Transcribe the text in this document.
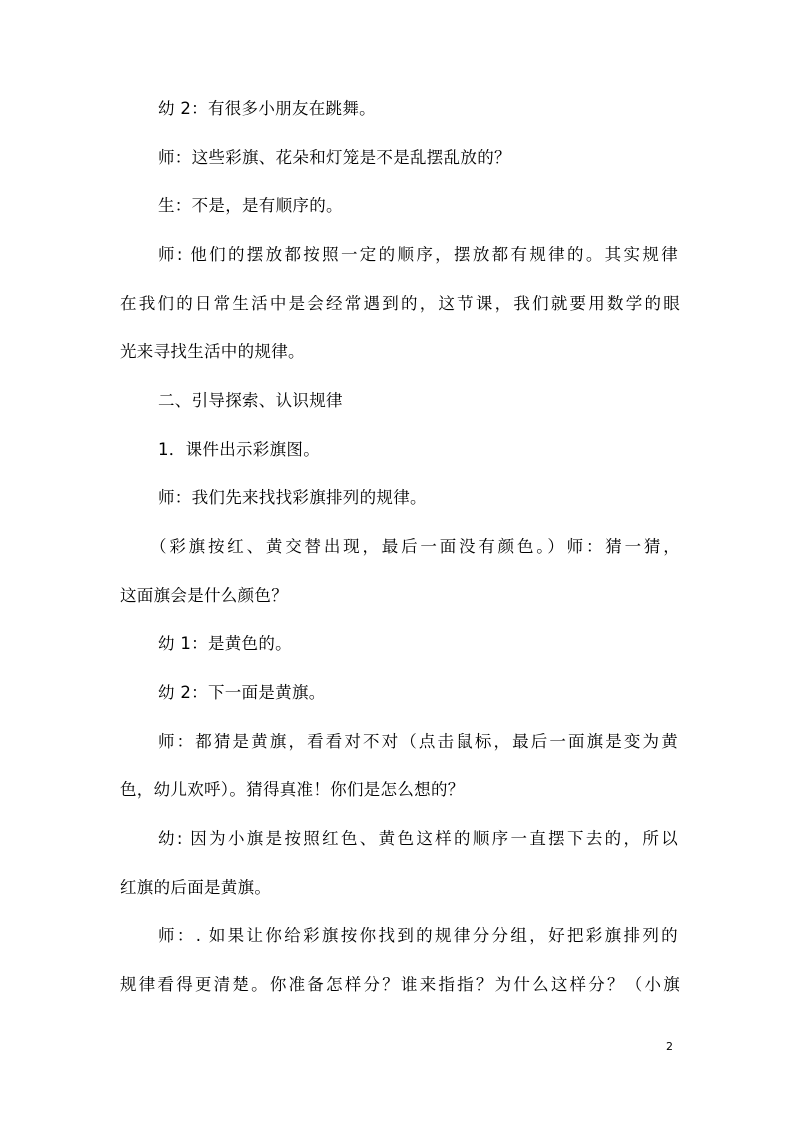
幼 2：有很多小朋友在跳舞。
师：这些彩旗、花朵和灯笼是不是乱摆乱放的？
生：不是，是有顺序的。
师: 他们的摆放都按照一定的顺序，摆放都有规律的。其实规律
在我们的日常生活中是会经常遇到的，这节课，我们就要用数学的眼
光来寻找生活中的规律。
二、引导探索、认识规律
1．课件出示彩旗图。
师：我们先来找找彩旗排列的规律。
（彩旗按红、黄交替出现，最后一面没有颜色。）师：猜一猜，
这面旗会是什么颜色？
幼 1：是黄色的。
幼 2：下一面是黄旗。
师：都猜是黄旗，看看对不对（点击鼠标，最后一面旗是变为黄
色，幼儿欢呼）。猜得真准！你们是怎么想的？
幼: 因为小旗是按照红色、黄色这样的顺序一直摆下去的，所以
红旗的后面是黄旗。
师：. 如果让你给彩旗按你找到的规律分分组，好把彩旗排列的
规律看得更清楚。你准备怎样分？谁来指指？为什么这样分？（小旗
2
